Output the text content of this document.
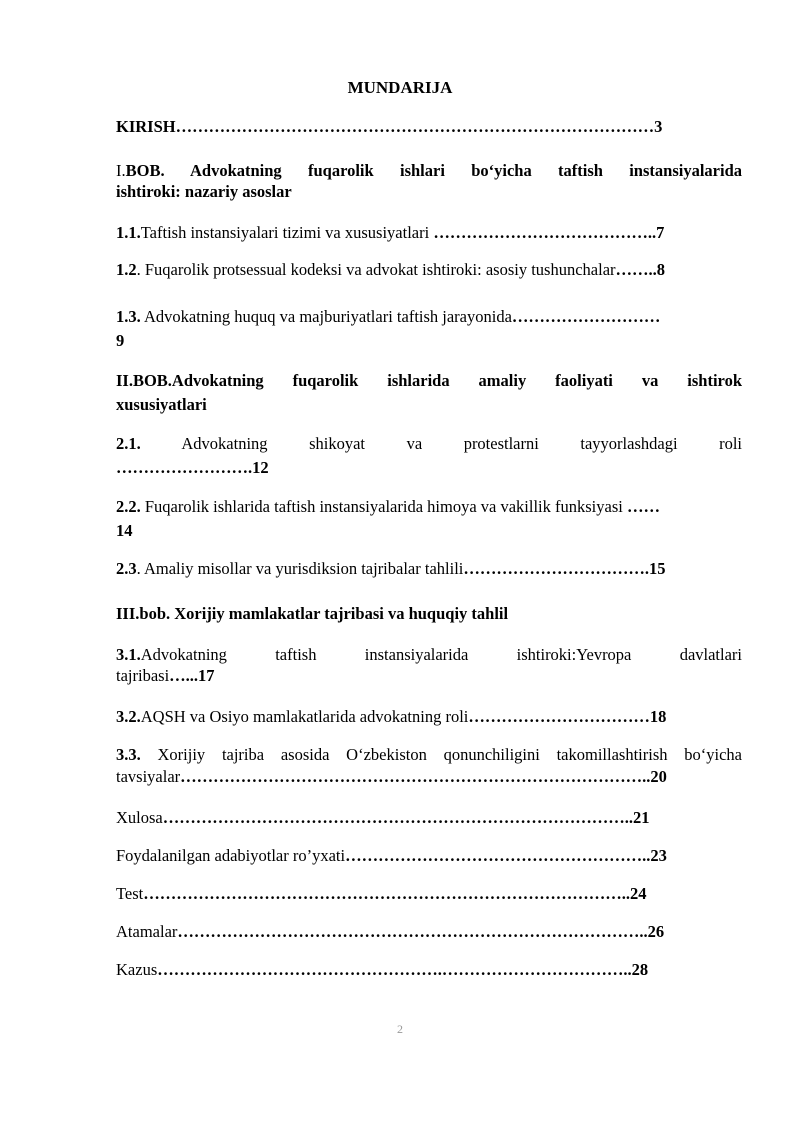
MUNDARIJA
KIRISH……………………………………………………………………………3
I.BOB. Advokatning fuqarolik ishlari bo‘yicha taftish instansiyalarida
ishtiroki: nazariy asoslar
1.1.Taftish instansiyalari tizimi va xususiyatlari …………………………………..7
1.2. Fuqarolik protsessual kodeksi va advokat ishtiroki: asosiy tushunchalar……..8
1.3. Advokatning huquq va majburiyatlari taftish jarayonida………………………
9
II.BOB.Advokatning fuqarolik ishlarida amaliy faoliyati va ishtirok
xususiyatlari
2.1. Advokatning shikoyat va protestlarni tayyorlashdagi roli
…………………….12
2.2. Fuqarolik ishlarida taftish instansiyalarida himoya va vakillik funksiyasi ……
14
2.3. Amaliy misollar va yurisdiksion tajribalar tahlili…………………………….15
III.bob. Xorijiy mamlakatlar tajribasi va huquqiy tahlil
3.1.Advokatning taftish instansiyalarida ishtiroki:Yevropa davlatlari
tajribasi…...17
3.2.AQSH va Osiyo mamlakatlarida advokatning roli……………………………18
3.3. Xorijiy tajriba asosida O‘zbekiston qonunchiligini takomillashtirish bo‘yicha
tavsiyalar…………………………………………………………………………..20
Xulosa…………………………………………………………………………..21
Foydalanilgan adabiyotlar ro’yxati………………………………………………..23
Test……………………………………………………………………………..24
Atamalar…………………………………………………………………………..26
Kazus…………………………………………….……………………………..28
2
